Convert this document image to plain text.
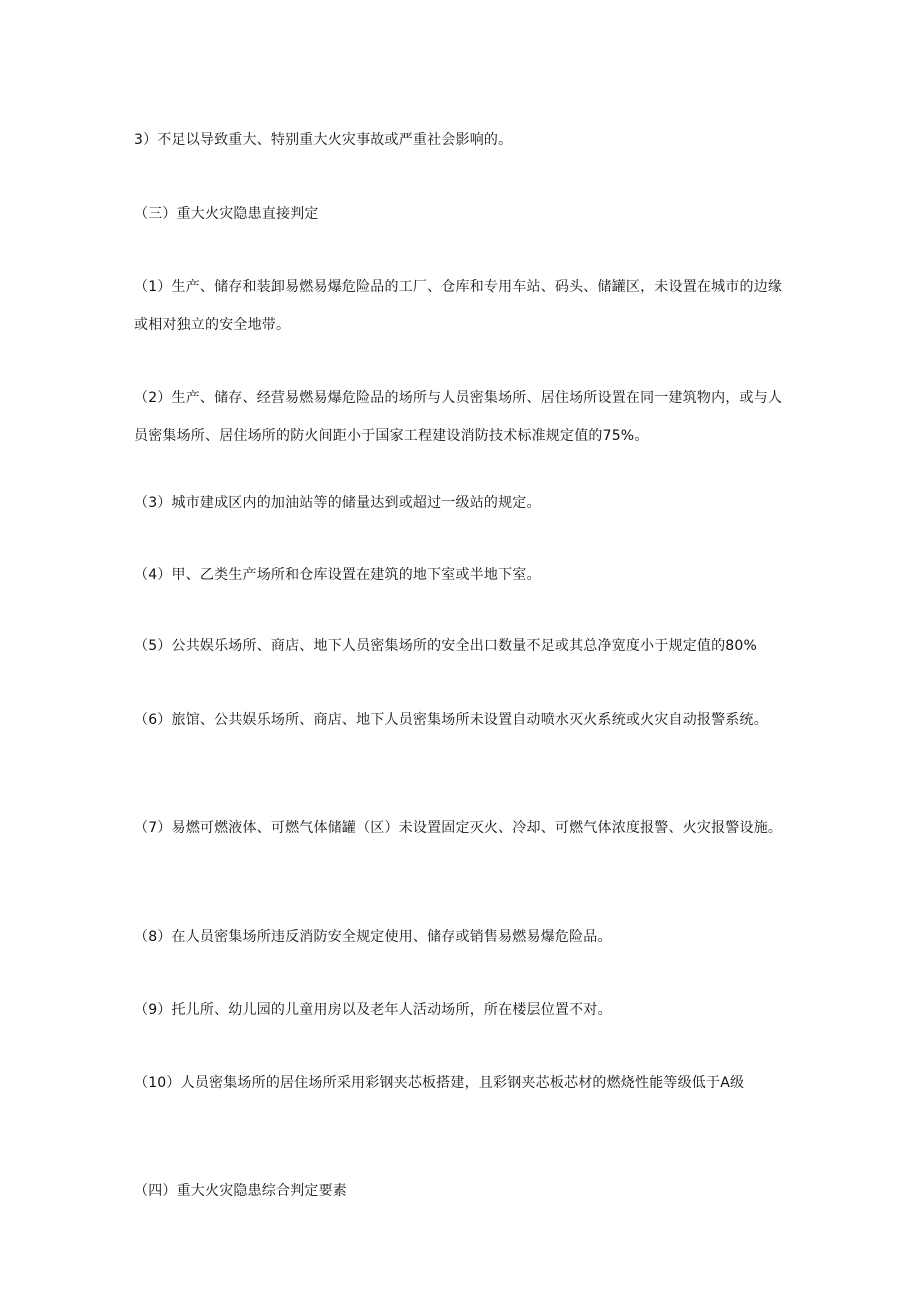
3）不足以导致重大、特别重大火灾事故或严重社会影响的。

（三）重大火灾隐患直接判定

（1）生产、储存和装卸易燃易爆危险品的工厂、仓库和专用车站、码头、储罐区，未设置在城市的边缘或相对独立的安全地带。

（2）生产、储存、经营易燃易爆危险品的场所与人员密集场所、居住场所设置在同一建筑物内，或与人员密集场所、居住场所的防火间距小于国家工程建设消防技术标准规定值的75%。

（3）城市建成区内的加油站等的储量达到或超过一级站的规定。

（4）甲、乙类生产场所和仓库设置在建筑的地下室或半地下室。

（5）公共娱乐场所、商店、地下人员密集场所的安全出口数量不足或其总净宽度小于规定值的80%

（6）旅馆、公共娱乐场所、商店、地下人员密集场所未设置自动喷水灭火系统或火灾自动报警系统。

（7）易燃可燃液体、可燃气体储罐（区）未设置固定灭火、冷却、可燃气体浓度报警、火灾报警设施。

（8）在人员密集场所违反消防安全规定使用、储存或销售易燃易爆危险品。

（9）托儿所、幼儿园的儿童用房以及老年人活动场所，所在楼层位置不对。

（10）人员密集场所的居住场所采用彩钢夹芯板搭建，且彩钢夹芯板芯材的燃烧性能等级低于A级

（四）重大火灾隐患综合判定要素
